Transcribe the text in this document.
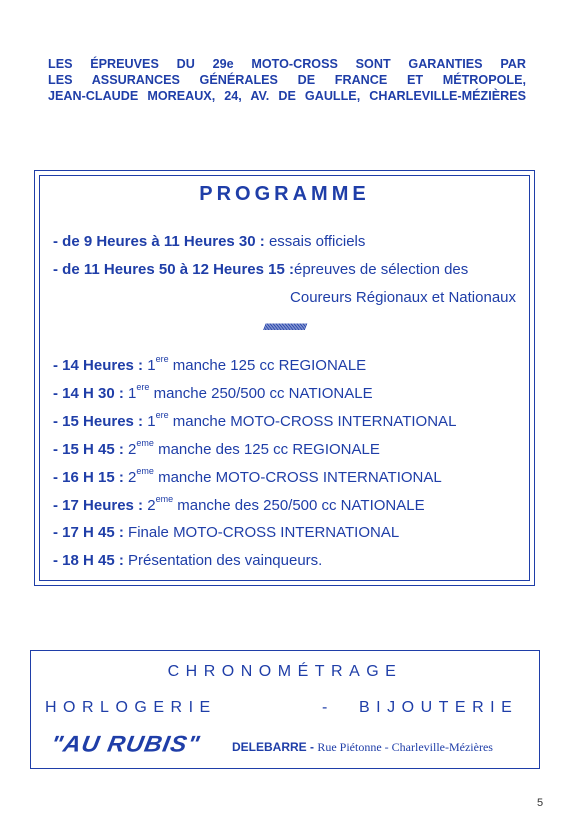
LES ÉPREUVES DU 29e MOTO-CROSS SONT GARANTIES PAR
LES ASSURANCES GÉNÉRALES DE FRANCE ET MÉTROPOLE,
JEAN-CLAUDE MOREAUX, 24, AV. DE GAULLE, CHARLEVILLE-MÉZIÈRES
PROGRAMME
- de 9 Heures à 11 Heures 30 : essais officiels
- de 11 Heures 50 à 12 Heures 15 :épreuves de sélection des
Coureurs Régionaux et Nationaux
////////////////////////////
- 14 Heures : 1ere manche 125 cc REGIONALE
- 14 H 30 : 1ere manche 250/500 cc NATIONALE
- 15 Heures : 1ere manche MOTO-CROSS INTERNATIONAL
- 15 H 45 : 2eme manche des 125 cc REGIONALE
- 16 H 15 : 2eme manche MOTO-CROSS INTERNATIONAL
- 17 Heures : 2eme manche des 250/500 cc NATIONALE
- 17 H 45 : Finale MOTO-CROSS INTERNATIONAL
- 18 H 45 : Présentation des vainqueurs.
CHRONOMÉTRAGE
HORLOGERIE	- BIJOUTERIE
"AU RUBIS" DELEBARRE - Rue Piétonne - Charleville-Mézières
5
